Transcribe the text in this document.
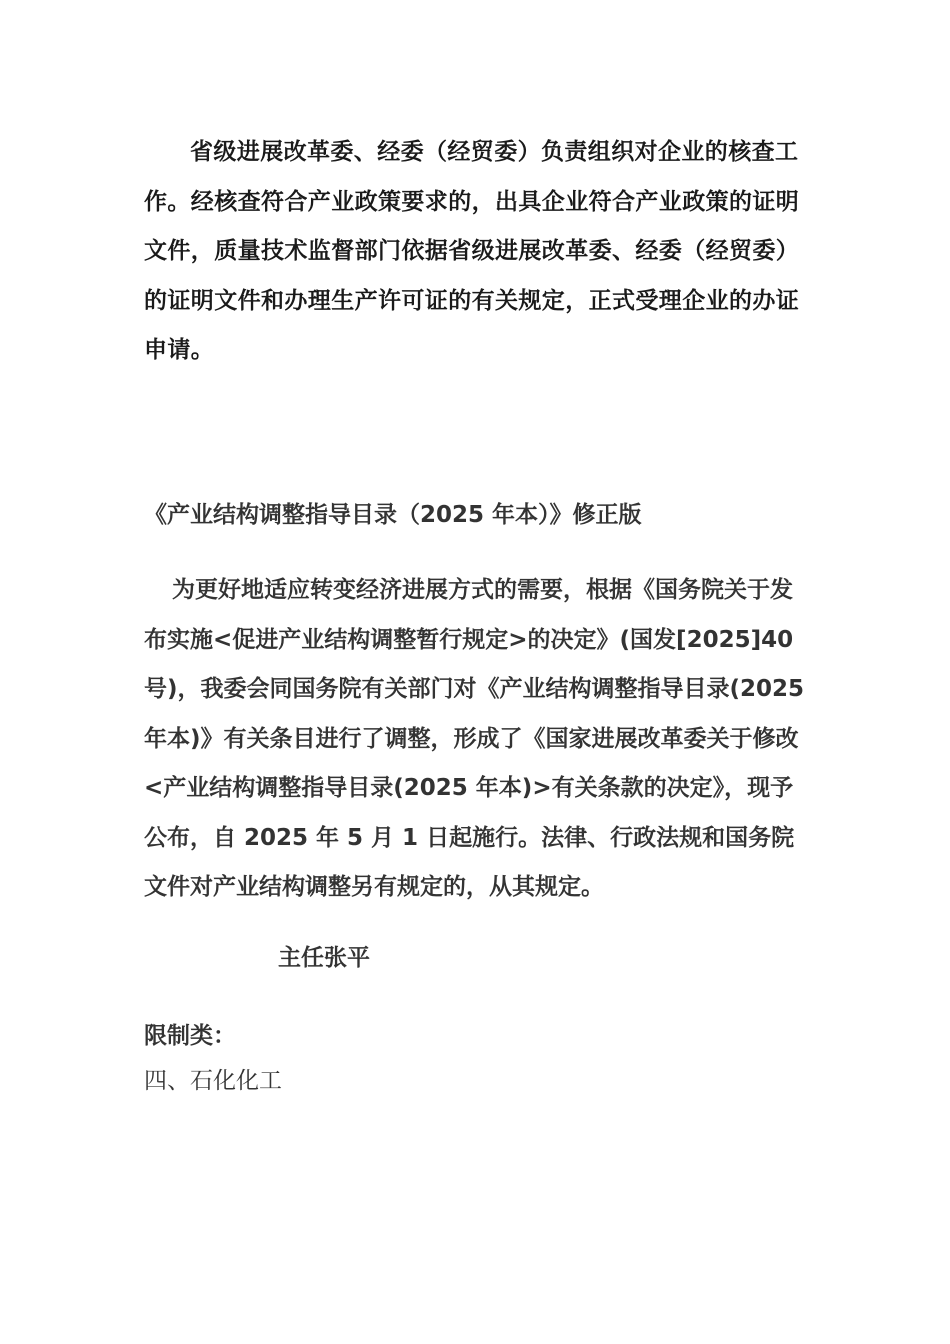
省级进展改革委、经委（经贸委）负责组织对企业的核查工作。经核查符合产业政策要求的，出具企业符合产业政策的证明文件，质量技术监督部门依据省级进展改革委、经委（经贸委）的证明文件和办理生产许可证的有关规定，正式受理企业的办证申请。

《产业结构调整指导目录（2025 年本）》修正版

为更好地适应转变经济进展方式的需要，根据《国务院关于发布实施<促进产业结构调整暂行规定>的决定》(国发[2025]40 号)，我委会同国务院有关部门对《产业结构调整指导目录(2025 年本)》有关条目进行了调整，形成了《国家进展改革委关于修改<产业结构调整指导目录(2025 年本)>有关条款的决定》，现予公布，自 2025 年 5 月 1 日起施行。法律、行政法规和国务院文件对产业结构调整另有规定的，从其规定。

主任张平

限制类：

四、石化化工
